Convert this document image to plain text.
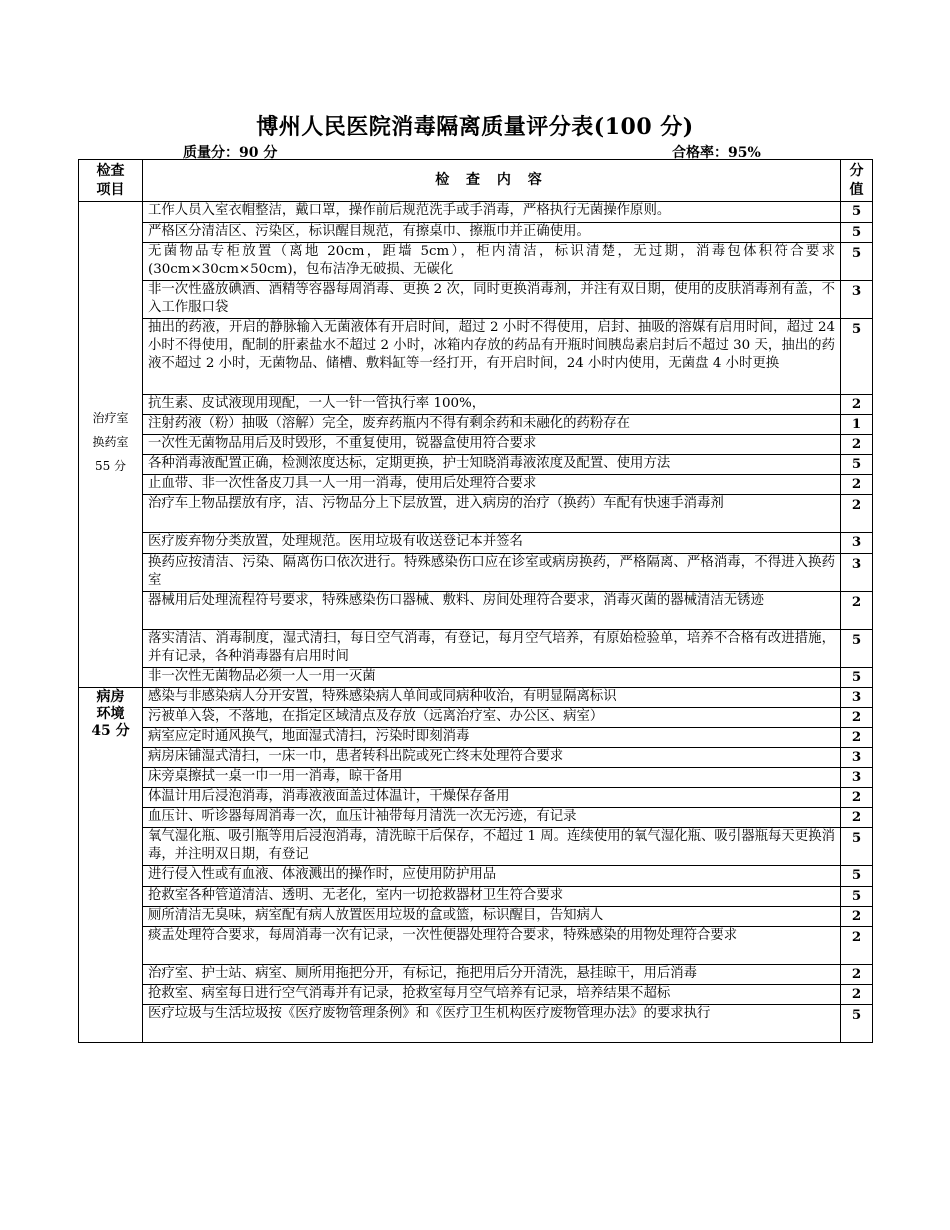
博州人民医院消毒隔离质量评分表(100 分)
质量分：90 分	合格率：95%
检查
项目	检 查 内 容	分
值

治疗室
换药室
55 分	工作人员入室衣帽整洁，戴口罩，操作前后规范洗手或手消毒，严格执行无菌操作原则。	5
	严格区分清洁区、污染区，标识醒目规范，有擦桌巾、擦瓶巾并正确使用。	5
	无菌物品专柜放置（离地 20cm，距墙 5cm），柜内清洁，标识清楚，无过期，消毒包体积符合要求(30cm×30cm×50cm)，包布洁净无破损、无碳化	5
	非一次性盛放碘酒、酒精等容器每周消毒、更换 2 次，同时更换消毒剂，并注有双日期，使用的皮肤消毒剂有盖，不入工作服口袋	3
	抽出的药液，开启的静脉输入无菌液体有开启时间，超过 2 小时不得使用，启封、抽吸的溶媒有启用时间，超过 24 小时不得使用，配制的肝素盐水不超过 2 小时，冰箱内存放的药品有开瓶时间胰岛素启封后不超过 30 天，抽出的药液不超过 2 小时，无菌物品、储槽、敷料缸等一经打开，有开启时间，24 小时内使用，无菌盘 4 小时更换	5
	抗生素、皮试液现用现配，一人一针一管执行率 100%，	2
	注射药液（粉）抽吸（溶解）完全，废弃药瓶内不得有剩余药和未融化的药粉存在	1
	一次性无菌物品用后及时毁形，不重复使用，锐器盒使用符合要求	2
	各种消毒液配置正确，检测浓度达标，定期更换，护士知晓消毒液浓度及配置、使用方法	5
	止血带、非一次性备皮刀具一人一用一消毒，使用后处理符合要求	2
	治疗车上物品摆放有序，洁、污物品分上下层放置，进入病房的治疗（换药）车配有快速手消毒剂	2
	医疗废弃物分类放置，处理规范。医用垃圾有收送登记本并签名	3
	换药应按清洁、污染、隔离伤口依次进行。特殊感染伤口应在诊室或病房换药，严格隔离、严格消毒，不得进入换药室	3
	器械用后处理流程符号要求，特殊感染伤口器械、敷料、房间处理符合要求，消毒灭菌的器械清洁无锈迹	2
	落实清洁、消毒制度，湿式清扫，每日空气消毒，有登记，每月空气培养，有原始检验单，培养不合格有改进措施，并有记录，各种消毒器有启用时间	5
	非一次性无菌物品必须一人一用一灭菌	5

病房
环境
45 分	感染与非感染病人分开安置，特殊感染病人单间或同病种收治，有明显隔离标识	3
	污被单入袋，不落地，在指定区域清点及存放（远离治疗室、办公区、病室）	2
	病室应定时通风换气，地面湿式清扫，污染时即刻消毒	2
	病房床铺湿式清扫，一床一巾，患者转科出院或死亡终末处理符合要求	3
	床旁桌擦拭一桌一巾一用一消毒，晾干备用	3
	体温计用后浸泡消毒，消毒液液面盖过体温计，干燥保存备用	2
	血压计、听诊器每周消毒一次，血压计袖带每月清洗一次无污迹，有记录	2
	氧气湿化瓶、吸引瓶等用后浸泡消毒，清洗晾干后保存，不超过 1 周。连续使用的氧气湿化瓶、吸引器瓶每天更换消毒，并注明双日期，有登记	5
	进行侵入性或有血液、体液溅出的操作时，应使用防护用品	5
	抢救室各种管道清洁、透明、无老化，室内一切抢救器材卫生符合要求	5
	厕所清洁无臭味，病室配有病人放置医用垃圾的盒或篮，标识醒目，告知病人	2
	痰盂处理符合要求，每周消毒一次有记录，一次性便器处理符合要求，特殊感染的用物处理符合要求	2
	治疗室、护士站、病室、厕所用拖把分开，有标记，拖把用后分开清洗，悬挂晾干，用后消毒	2
	抢救室、病室每日进行空气消毒并有记录，抢救室每月空气培养有记录，培养结果不超标	2
	医疗垃圾与生活垃圾按《医疗废物管理条例》和《医疗卫生机构医疗废物管理办法》的要求执行	5
